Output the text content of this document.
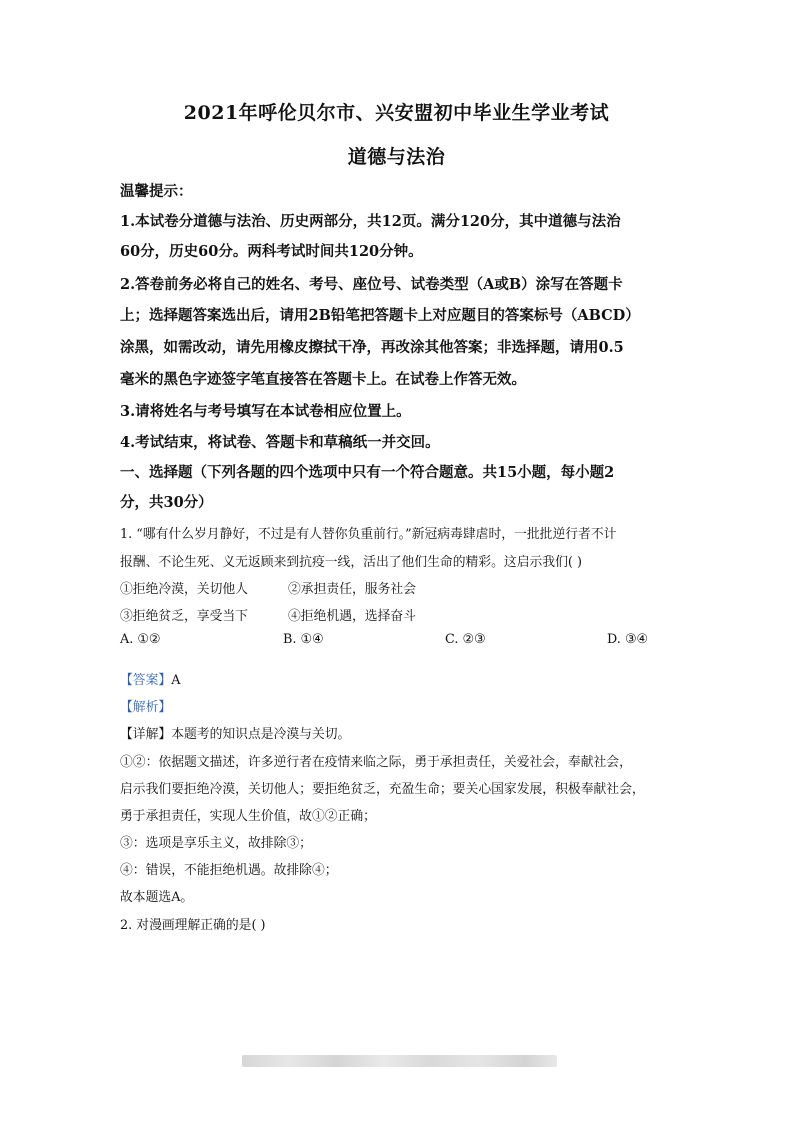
2021年呼伦贝尔市、兴安盟初中毕业生学业考试
道德与法治
温馨提示：
1.本试卷分道德与法治、历史两部分，共12页。满分120分，其中道德与法治
60分，历史60分。两科考试时间共120分钟。
2.答卷前务必将自己的姓名、考号、座位号、试卷类型（A或B）涂写在答题卡
上；选择题答案选出后，请用2B铅笔把答题卡上对应题目的答案标号（ABCD）
涂黑，如需改动，请先用橡皮擦拭干净，再改涂其他答案；非选择题，请用0.5
毫米的黑色字迹签字笔直接答在答题卡上。在试卷上作答无效。
3.请将姓名与考号填写在本试卷相应位置上。
4.考试结束，将试卷、答题卡和草稿纸一并交回。
一、选择题（下列各题的四个选项中只有一个符合题意。共15小题，每小题2
分，共30分）
1. “哪有什么岁月静好，不过是有人替你负重前行。”新冠病毒肆虐时，一批批逆行者不计
报酬、不论生死、义无返顾来到抗疫一线，活出了他们生命的精彩。这启示我们( )
①拒绝冷漠，关切他人	②承担责任，服务社会
③拒绝贫乏，享受当下	④拒绝机遇，选择奋斗
A. ①②	B. ①④	C. ②③	D. ③④
【答案】A
【解析】
【详解】本题考的知识点是冷漠与关切。
①②：依据题文描述，许多逆行者在疫情来临之际，勇于承担责任，关爱社会，奉献社会，
启示我们要拒绝冷漠，关切他人；要拒绝贫乏，充盈生命；要关心国家发展，积极奉献社会，
勇于承担责任，实现人生价值，故①②正确；
③：选项是享乐主义，故排除③；
④：错误，不能拒绝机遇。故排除④；
故本题选A。
2. 对漫画理解正确的是( )
